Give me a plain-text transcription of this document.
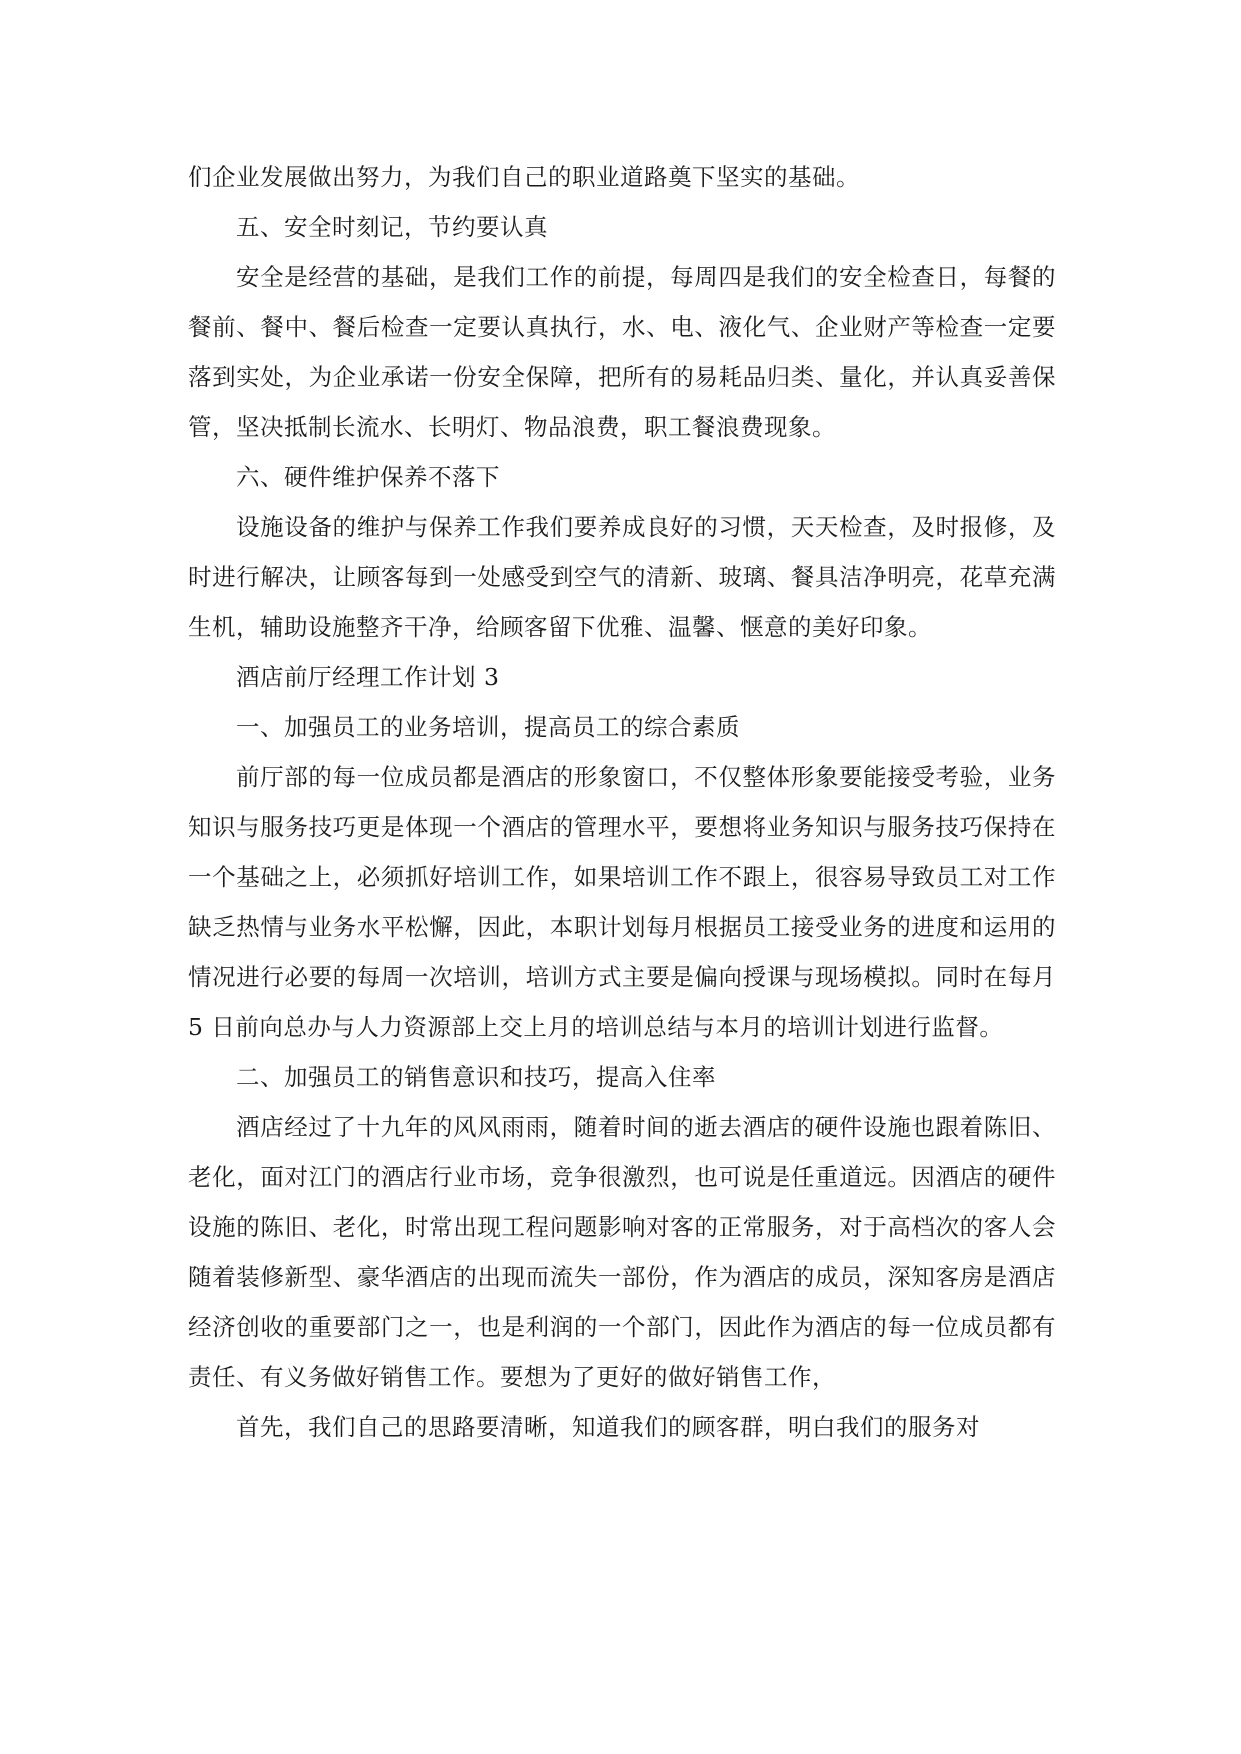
们企业发展做出努力，为我们自己的职业道路奠下坚实的基础。

五、安全时刻记，节约要认真

安全是经营的基础，是我们工作的前提，每周四是我们的安全检查日，每餐的餐前、餐中、餐后检查一定要认真执行，水、电、液化气、企业财产等检查一定要落到实处，为企业承诺一份安全保障，把所有的易耗品归类、量化，并认真妥善保管，坚决抵制长流水、长明灯、物品浪费，职工餐浪费现象。

六、硬件维护保养不落下

设施设备的维护与保养工作我们要养成良好的习惯，天天检查，及时报修，及时进行解决，让顾客每到一处感受到空气的清新、玻璃、餐具洁净明亮，花草充满生机，辅助设施整齐干净，给顾客留下优雅、温馨、惬意的美好印象。

酒店前厅经理工作计划 3

一、加强员工的业务培训，提高员工的综合素质

前厅部的每一位成员都是酒店的形象窗口，不仅整体形象要能接受考验，业务知识与服务技巧更是体现一个酒店的管理水平，要想将业务知识与服务技巧保持在一个基础之上，必须抓好培训工作，如果培训工作不跟上，很容易导致员工对工作缺乏热情与业务水平松懈，因此，本职计划每月根据员工接受业务的进度和运用的情况进行必要的每周一次培训，培训方式主要是偏向授课与现场模拟。同时在每月 5 日前向总办与人力资源部上交上月的培训总结与本月的培训计划进行监督。

二、加强员工的销售意识和技巧，提高入住率

酒店经过了十九年的风风雨雨，随着时间的逝去酒店的硬件设施也跟着陈旧、老化，面对江门的酒店行业市场，竞争很激烈，也可说是任重道远。因酒店的硬件设施的陈旧、老化，时常出现工程问题影响对客的正常服务，对于高档次的客人会随着装修新型、豪华酒店的出现而流失一部份，作为酒店的成员，深知客房是酒店经济创收的重要部门之一，也是利润的一个部门，因此作为酒店的每一位成员都有责任、有义务做好销售工作。要想为了更好的做好销售工作，

首先，我们自己的思路要清晰，知道我们的顾客群，明白我们的服务对
